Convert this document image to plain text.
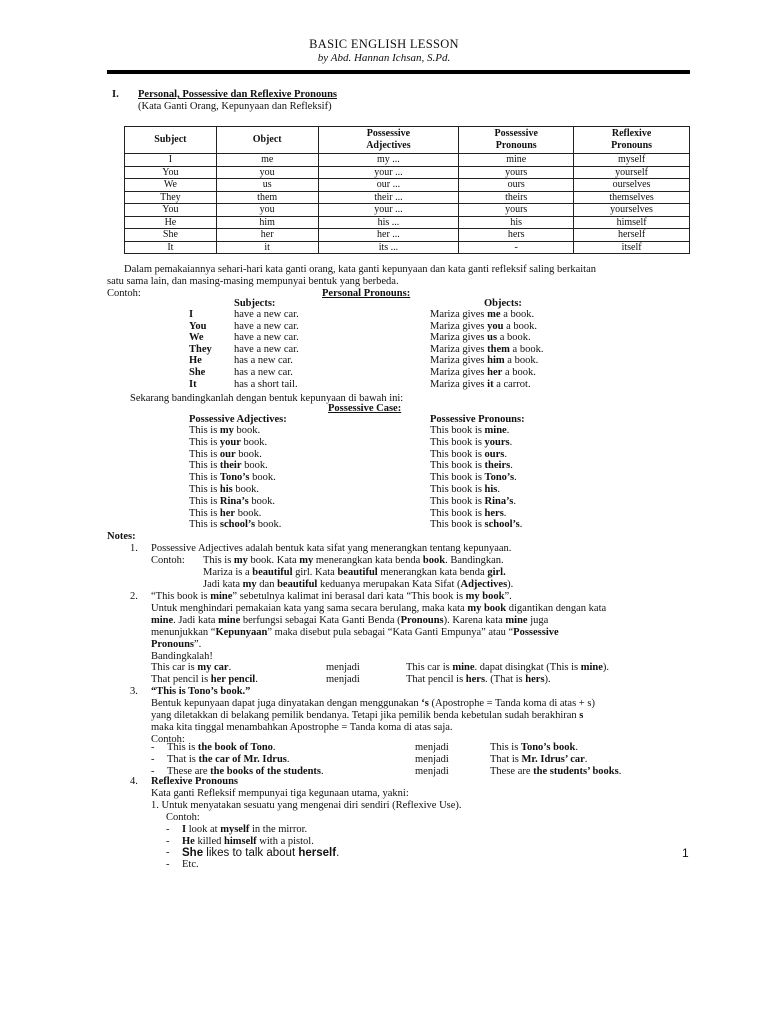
BASIC ENGLISH LESSON
by Abd. Hannan Ichsan, S.Pd.
I. Personal, Possessive dan Reflexive Pronouns
(Kata Ganti Orang, Kepunyaan dan Refleksif)
Subject	Object	Possessive Adjectives	Possessive Pronouns	Reflexive Pronouns
I	me	my ...	mine	myself
You	you	your ...	yours	yourself
We	us	our ...	ours	ourselves
They	them	their ...	theirs	themselves
You	you	your ...	yours	yourselves
He	him	his ...	his	himself
She	her	her ...	hers	herself
It	it	its ...	-	itself
Dalam pemakaiannya sehari-hari kata ganti orang, kata ganti kepunyaan dan kata ganti refleksif saling berkaitan
satu sama lain, dan masing-masing mempunyai bentuk yang berbeda.
Contoh:	Personal Pronouns:
Subjects:	Objects:
I	have a new car.	Mariza gives me a book.
You	have a new car.	Mariza gives you a book.
We	have a new car.	Mariza gives us a book.
They have a new car.	Mariza gives them a book.
He	has a new car.	Mariza gives him a book.
She	has a new car.	Mariza gives her a book.
It	has a short tail.	Mariza gives it a carrot.
Sekarang bandingkanlah dengan bentuk kepunyaan di bawah ini:
Possessive Case:
Possessive Adjectives:	Possessive Pronouns:
This is my book.	This book is mine.
This is your book.	This book is yours.
This is our book.	This book is ours.
This is their book.	This book is theirs.
This is Tono’s book.	This book is Tono’s.
This is his book.	This book is his.
This is Rina’s book.	This book is Rina’s.
This is her book.	This book is hers.
This is school’s book.	This book is school’s.
Notes:
1. Possessive Adjectives adalah bentuk kata sifat yang menerangkan tentang kepunyaan.
Contoh: This is my book. Kata my menerangkan kata benda book. Bandingkan.
Mariza is a beautiful girl. Kata beautiful menerangkan kata benda girl.
Jadi kata my dan beautiful keduanya merupakan Kata Sifat (Adjectives).
2. “This book is mine” sebetulnya kalimat ini berasal dari kata “This book is my book”.
Untuk menghindari pemakaian kata yang sama secara berulang, maka kata my book digantikan dengan kata
mine. Jadi kata mine berfungsi sebagai Kata Ganti Benda (Pronouns). Karena kata mine juga
menunjukkan “Kepunyaan” maka disebut pula sebagai “Kata Ganti Empunya” atau “Possessive
Pronouns”.
Bandingkalah!
This car is my car.	menjadi	This car is mine. dapat disingkat (This is mine).
That pencil is her pencil.	menjadi	That pencil is hers. (That is hers).
3. “This is Tono’s book.”
Bentuk kepunyaan dapat juga dinyatakan dengan menggunakan ‘s (Apostrophe = Tanda koma di atas + s)
yang diletakkan di belakang pemilik bendanya. Tetapi jika pemilik benda kebetulan sudah berakhiran s
maka kita tinggal menambahkan Apostrophe = Tanda koma di atas saja.
Contoh:
- This is the book of Tono.	menjadi	This is Tono’s book.
- That is the car of Mr. Idrus.	menjadi	That is Mr. Idrus’ car.
- These are the books of the students.	menjadi	These are the students’ books.
4. Reflexive Pronouns
Kata ganti Refleksif mempunyai tiga kegunaan utama, yakni:
1. Untuk menyatakan sesuatu yang mengenai diri sendiri (Reflexive Use).
Contoh:
- I look at myself in the mirror.
- He killed himself with a pistol.
- She likes to talk about herself.	1
- Etc.
